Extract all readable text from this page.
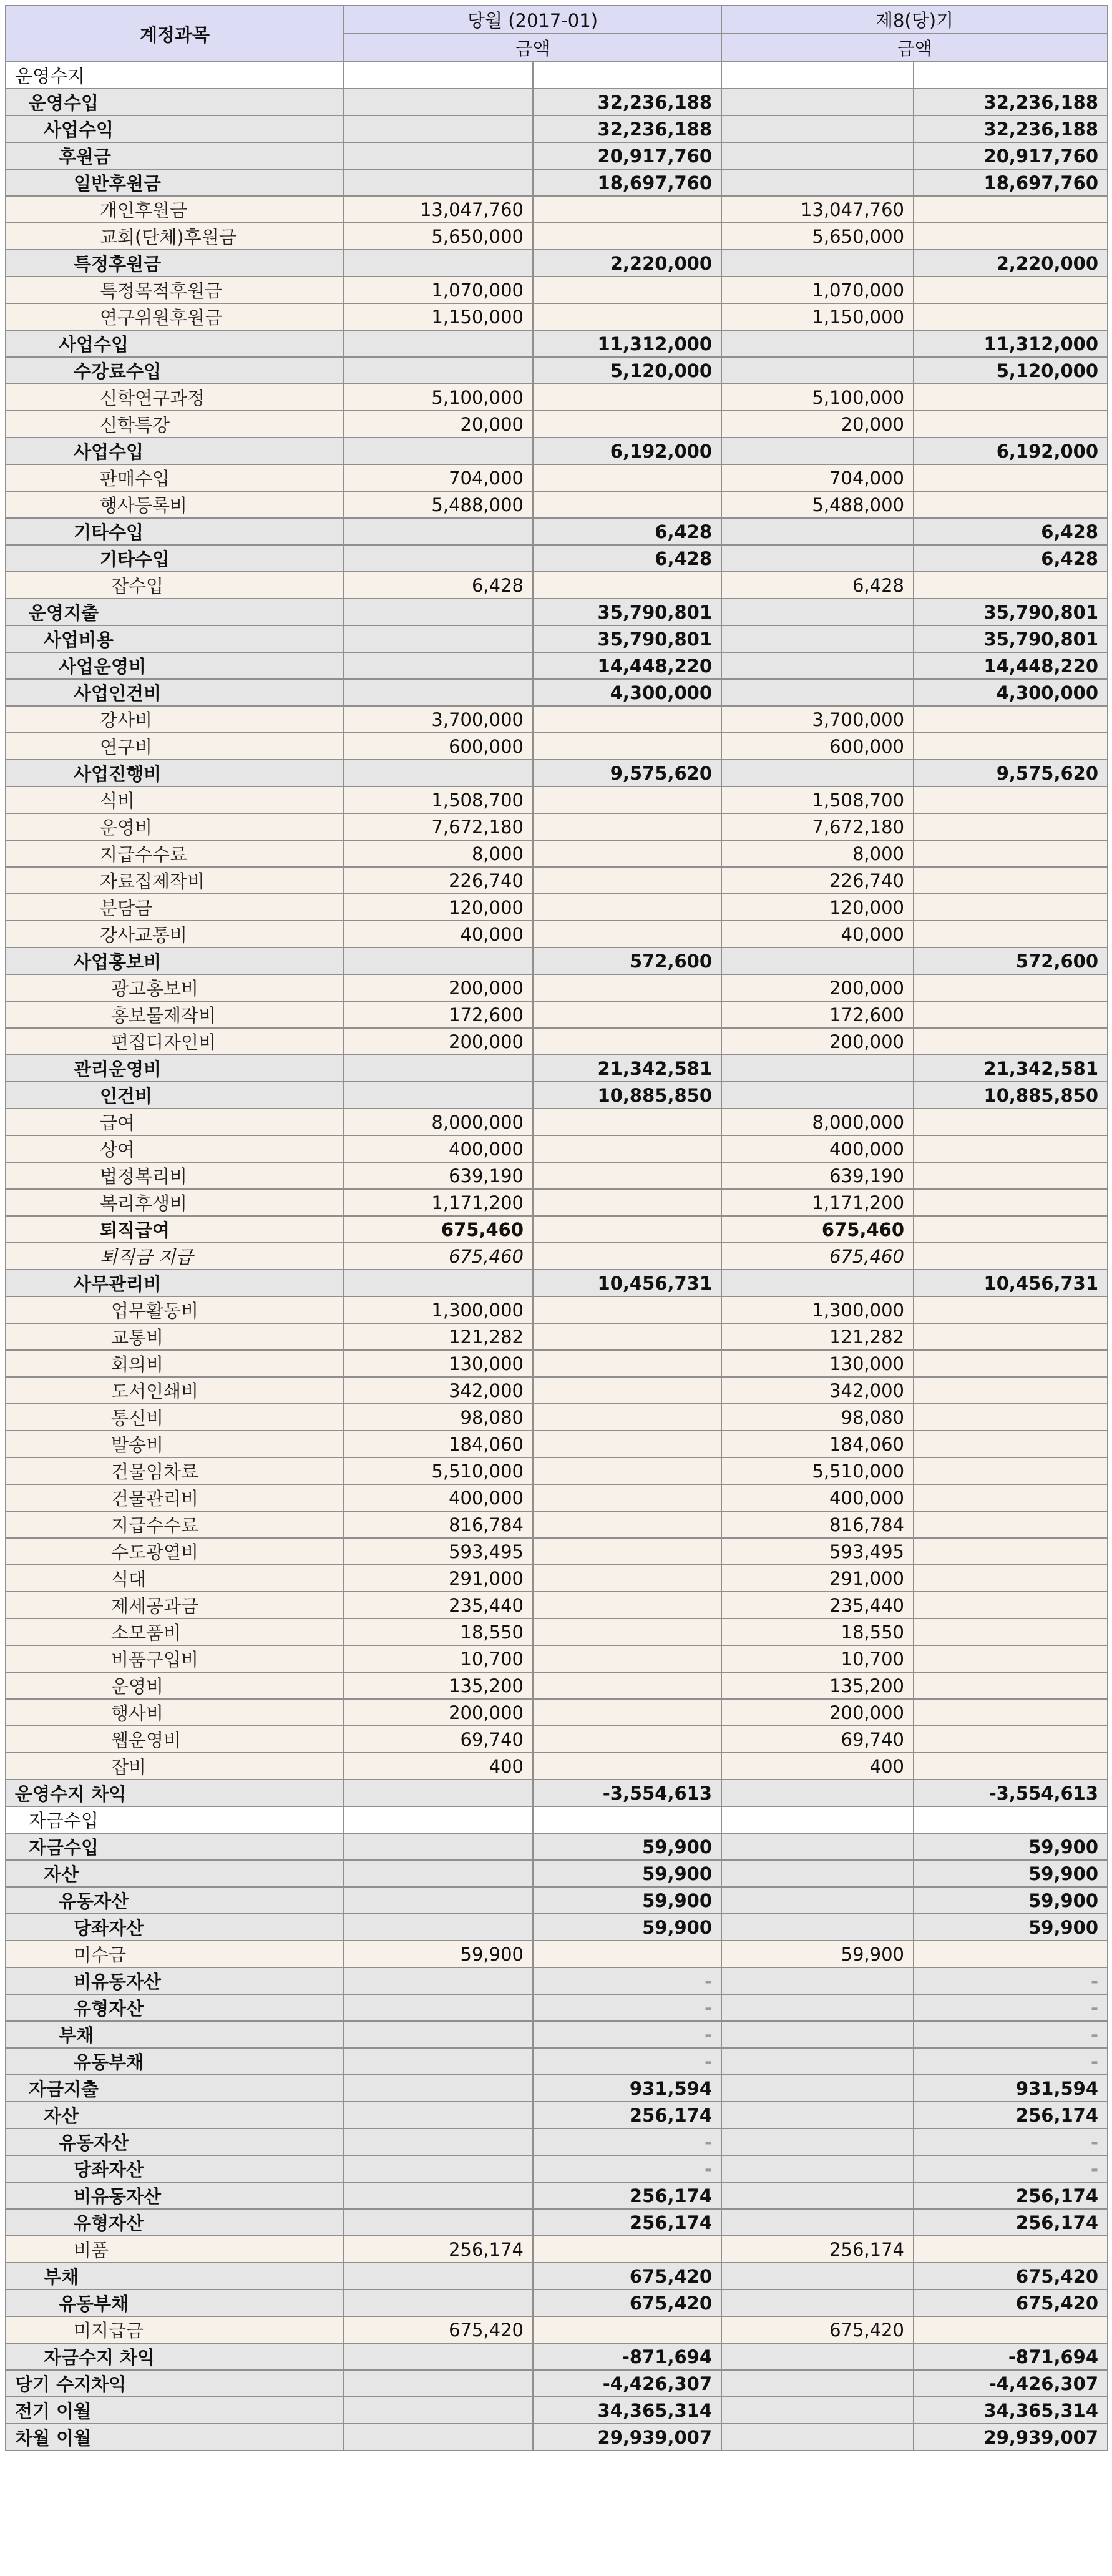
계정과목	당월 (2017-01)		제8(당)기	
	금액		금액	
운영수지				
운영수입		32,236,188		32,236,188
사업수익		32,236,188		32,236,188
후원금		20,917,760		20,917,760
일반후원금		18,697,760		18,697,760
개인후원금	13,047,760		13,047,760	
교회(단체)후원금	5,650,000		5,650,000	
특정후원금		2,220,000		2,220,000
특정목적후원금	1,070,000		1,070,000	
연구위원후원금	1,150,000		1,150,000	
사업수입		11,312,000		11,312,000
수강료수입		5,120,000		5,120,000
신학연구과정	5,100,000		5,100,000	
신학특강	20,000		20,000	
사업수입		6,192,000		6,192,000
판매수입	704,000		704,000	
행사등록비	5,488,000		5,488,000	
기타수입		6,428		6,428
기타수입		6,428		6,428
잡수입	6,428		6,428	
운영지출		35,790,801		35,790,801
사업비용		35,790,801		35,790,801
사업운영비		14,448,220		14,448,220
사업인건비		4,300,000		4,300,000
강사비	3,700,000		3,700,000	
연구비	600,000		600,000	
사업진행비		9,575,620		9,575,620
식비	1,508,700		1,508,700	
운영비	7,672,180		7,672,180	
지급수수료	8,000		8,000	
자료집제작비	226,740		226,740	
분담금	120,000		120,000	
강사교통비	40,000		40,000	
사업홍보비		572,600		572,600
광고홍보비	200,000		200,000	
홍보물제작비	172,600		172,600	
편집디자인비	200,000		200,000	
관리운영비		21,342,581		21,342,581
인건비		10,885,850		10,885,850
급여	8,000,000		8,000,000	
상여	400,000		400,000	
법정복리비	639,190		639,190	
복리후생비	1,171,200		1,171,200	
퇴직급여	675,460		675,460	
퇴직금 지급	675,460		675,460	
사무관리비		10,456,731		10,456,731
업무활동비	1,300,000		1,300,000	
교통비	121,282		121,282	
회의비	130,000		130,000	
도서인쇄비	342,000		342,000	
통신비	98,080		98,080	
발송비	184,060		184,060	
건물임차료	5,510,000		5,510,000	
건물관리비	400,000		400,000	
지급수수료	816,784		816,784	
수도광열비	593,495		593,495	
식대	291,000		291,000	
제세공과금	235,440		235,440	
소모품비	18,550		18,550	
비품구입비	10,700		10,700	
운영비	135,200		135,200	
행사비	200,000		200,000	
웹운영비	69,740		69,740	
잡비	400		400	
운영수지 차익		-3,554,613		-3,554,613
자금수입				
자금수입		59,900		59,900
자산		59,900		59,900
유동자산		59,900		59,900
당좌자산		59,900		59,900
미수금	59,900		59,900	
비유동자산		-		-
유형자산		-		-
부채		-		-
유동부채		-		-
자금지출		931,594		931,594
자산		256,174		256,174
유동자산		-		-
당좌자산		-		-
비유동자산		256,174		256,174
유형자산		256,174		256,174
비품	256,174		256,174	
부채		675,420		675,420
유동부채		675,420		675,420
미지급금	675,420		675,420	
자금수지 차익		-871,694		-871,694
당기 수지차익		-4,426,307		-4,426,307
전기 이월		34,365,314		34,365,314
차월 이월		29,939,007		29,939,007
